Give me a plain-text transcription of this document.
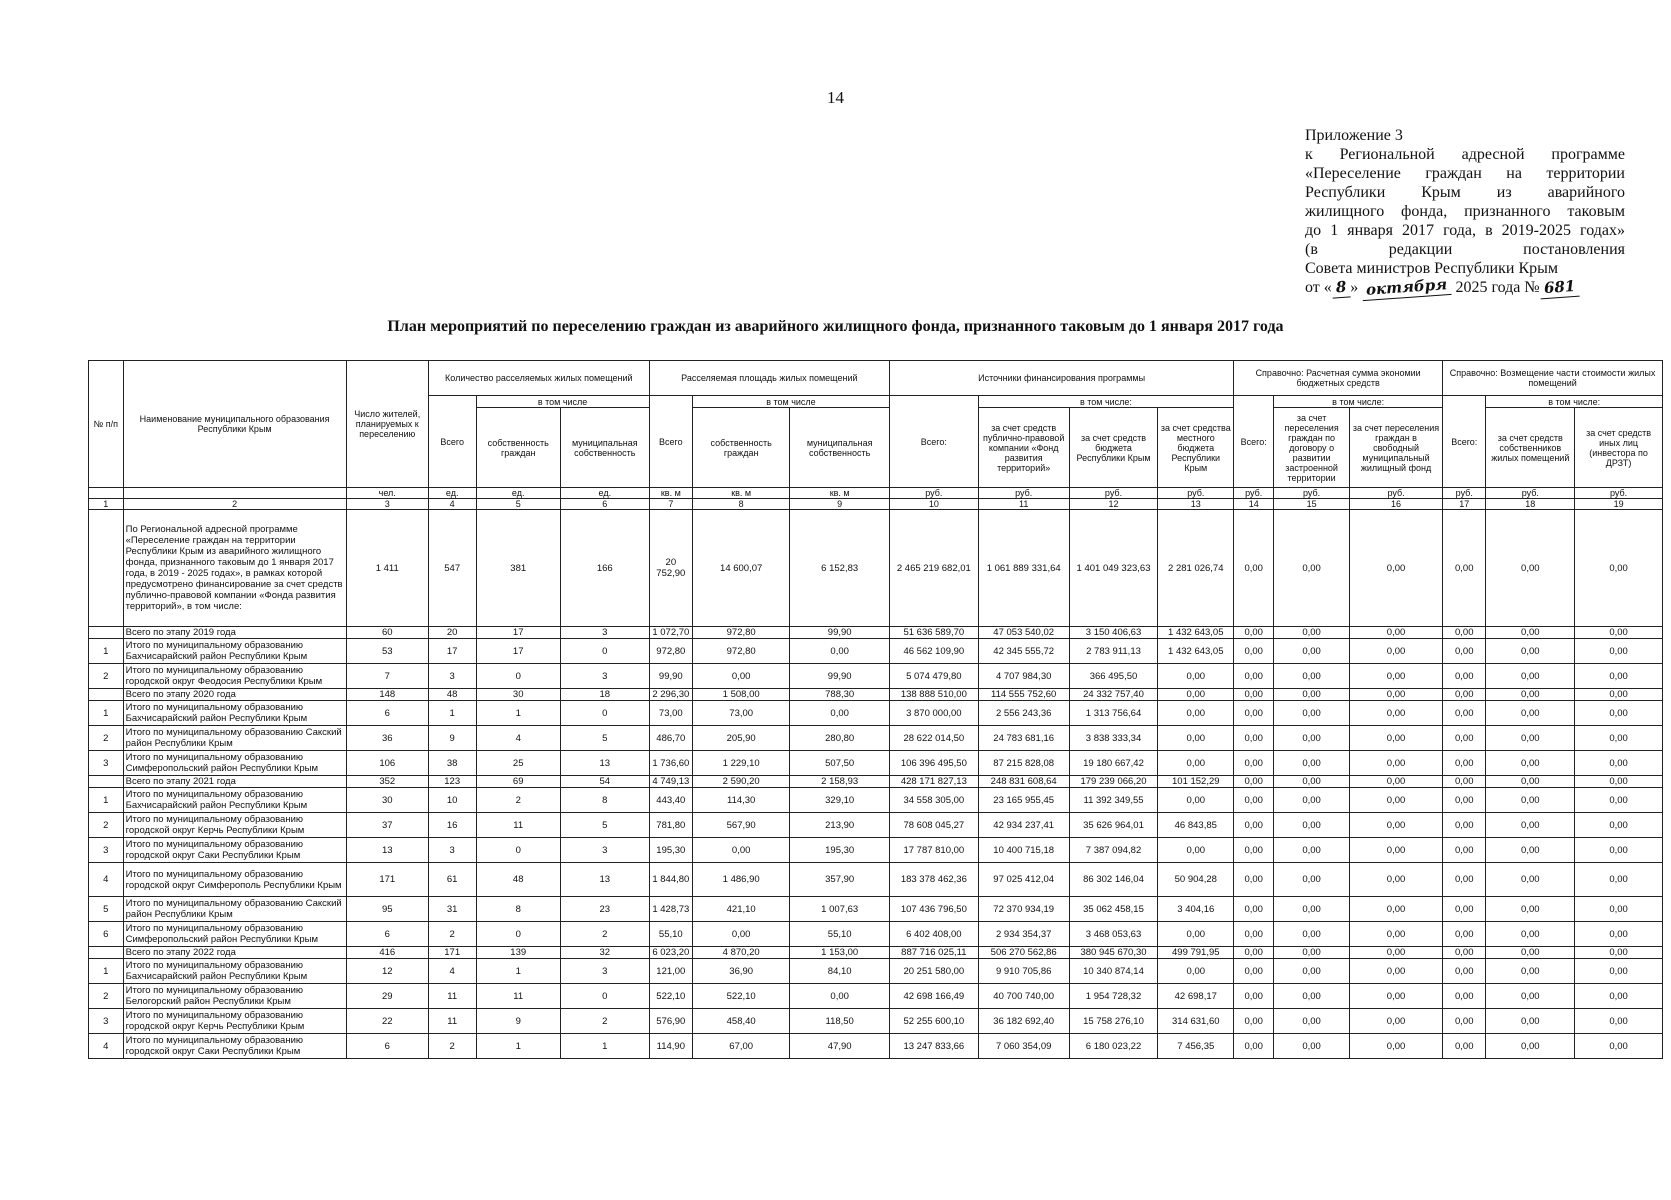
14
Приложение 3
к Региональной адресной программе
«Переселение граждан на территории
Республики Крым из аварийного
жилищного фонда, признанного таковым
до 1 января 2017 года, в 2019-2025 годах»
(в редакции постановления
Совета министров Республики Крым
от « 8 » октября 2025 года № 681
План мероприятий по переселению граждан из аварийного жилищного фонда, признанного таковым до 1 января 2017 года
№ п/п	Наименование муниципального образования Республики Крым	Число жителей, планируемых к переселению	Количество расселяемых жилых помещений			Расселяемая площадь жилых помещений			Источники финансирования программы				Справочно: Расчетная сумма экономии бюджетных средств			Справочно: Возмещение части стоимости жилых помещений		
			Всего	в том числе		Всего	в том числе		Всего:	в том числе:			Всего:	в том числе:		Всего:	в том числе:	
				собственность граждан	муниципальная собственность		собственность граждан	муниципальная собственность		за счет средств публично-правовой компании «Фонд развития территорий»	за счет средств бюджета Республики Крым	за счет средства местного бюджета Республики Крым		за счет переселения граждан по договору о развитии застроенной территории	за счет переселения граждан в свободный муниципальный жилищный фонд		за счет средств собственников жилых помещений	за счет средств иных лиц (инвестора по ДРЗТ)
		чел.	ед.	ед.	ед.	кв. м	кв. м	кв. м	руб.	руб.	руб.	руб.	руб.	руб.	руб.	руб.	руб.	руб.
1	2	3	4	5	6	7	8	9	10	11	12	13	14	15	16	17	18	19
	По Региональной адресной программе «Переселение граждан на территории Республики Крым из аварийного жилищного фонда, признанного таковым до 1 января 2017 года, в 2019 - 2025 годах», в рамках которой предусмотрено финансирование за счет средств публично-правовой компании «Фонда развития территорий», в том числе:	1 411	547	381	166	20 752,90	14 600,07	6 152,83	2 465 219 682,01	1 061 889 331,64	1 401 049 323,63	2 281 026,74	0,00	0,00	0,00	0,00	0,00	0,00
	Всего по этапу 2019 года	60	20	17	3	1 072,70	972,80	99,90	51 636 589,70	47 053 540,02	3 150 406,63	1 432 643,05	0,00	0,00	0,00	0,00	0,00	0,00
1	Итого по муниципальному образованию Бахчисарайский район Республики Крым	53	17	17	0	972,80	972,80	0,00	46 562 109,90	42 345 555,72	2 783 911,13	1 432 643,05	0,00	0,00	0,00	0,00	0,00	0,00
2	Итого по муниципальному образованию городской округ Феодосия Республики Крым	7	3	0	3	99,90	0,00	99,90	5 074 479,80	4 707 984,30	366 495,50	0,00	0,00	0,00	0,00	0,00	0,00	0,00
	Всего по этапу 2020 года	148	48	30	18	2 296,30	1 508,00	788,30	138 888 510,00	114 555 752,60	24 332 757,40	0,00	0,00	0,00	0,00	0,00	0,00	0,00
1	Итого по муниципальному образованию Бахчисарайский район Республики Крым	6	1	1	0	73,00	73,00	0,00	3 870 000,00	2 556 243,36	1 313 756,64	0,00	0,00	0,00	0,00	0,00	0,00	0,00
2	Итого по муниципальному образованию Сакский район Республики Крым	36	9	4	5	486,70	205,90	280,80	28 622 014,50	24 783 681,16	3 838 333,34	0,00	0,00	0,00	0,00	0,00	0,00	0,00
3	Итого по муниципальному образованию Симферопольский район Республики Крым	106	38	25	13	1 736,60	1 229,10	507,50	106 396 495,50	87 215 828,08	19 180 667,42	0,00	0,00	0,00	0,00	0,00	0,00	0,00
	Всего по этапу 2021 года	352	123	69	54	4 749,13	2 590,20	2 158,93	428 171 827,13	248 831 608,64	179 239 066,20	101 152,29	0,00	0,00	0,00	0,00	0,00	0,00
1	Итого по муниципальному образованию Бахчисарайский район Республики Крым	30	10	2	8	443,40	114,30	329,10	34 558 305,00	23 165 955,45	11 392 349,55	0,00	0,00	0,00	0,00	0,00	0,00	0,00
2	Итого по муниципальному образованию городской округ Керчь Республики Крым	37	16	11	5	781,80	567,90	213,90	78 608 045,27	42 934 237,41	35 626 964,01	46 843,85	0,00	0,00	0,00	0,00	0,00	0,00
3	Итого по муниципальному образованию городской округ Саки Республики Крым	13	3	0	3	195,30	0,00	195,30	17 787 810,00	10 400 715,18	7 387 094,82	0,00	0,00	0,00	0,00	0,00	0,00	0,00
4	Итого по муниципальному образованию городской округ Симферополь Республики Крым	171	61	48	13	1 844,80	1 486,90	357,90	183 378 462,36	97 025 412,04	86 302 146,04	50 904,28	0,00	0,00	0,00	0,00	0,00	0,00
5	Итого по муниципальному образованию Сакский район Республики Крым	95	31	8	23	1 428,73	421,10	1 007,63	107 436 796,50	72 370 934,19	35 062 458,15	3 404,16	0,00	0,00	0,00	0,00	0,00	0,00
6	Итого по муниципальному образованию Симферопольский район Республики Крым	6	2	0	2	55,10	0,00	55,10	6 402 408,00	2 934 354,37	3 468 053,63	0,00	0,00	0,00	0,00	0,00	0,00	0,00
	Всего по этапу 2022 года	416	171	139	32	6 023,20	4 870,20	1 153,00	887 716 025,11	506 270 562,86	380 945 670,30	499 791,95	0,00	0,00	0,00	0,00	0,00	0,00
1	Итого по муниципальному образованию Бахчисарайский район Республики Крым	12	4	1	3	121,00	36,90	84,10	20 251 580,00	9 910 705,86	10 340 874,14	0,00	0,00	0,00	0,00	0,00	0,00	0,00
2	Итого по муниципальному образованию Белогорский район Республики Крым	29	11	11	0	522,10	522,10	0,00	42 698 166,49	40 700 740,00	1 954 728,32	42 698,17	0,00	0,00	0,00	0,00	0,00	0,00
3	Итого по муниципальному образованию городской округ Керчь Республики Крым	22	11	9	2	576,90	458,40	118,50	52 255 600,10	36 182 692,40	15 758 276,10	314 631,60	0,00	0,00	0,00	0,00	0,00	0,00
4	Итого по муниципальному образованию городской округ Саки Республики Крым	6	2	1	1	114,90	67,00	47,90	13 247 833,66	7 060 354,09	6 180 023,22	7 456,35	0,00	0,00	0,00	0,00	0,00	0,00
